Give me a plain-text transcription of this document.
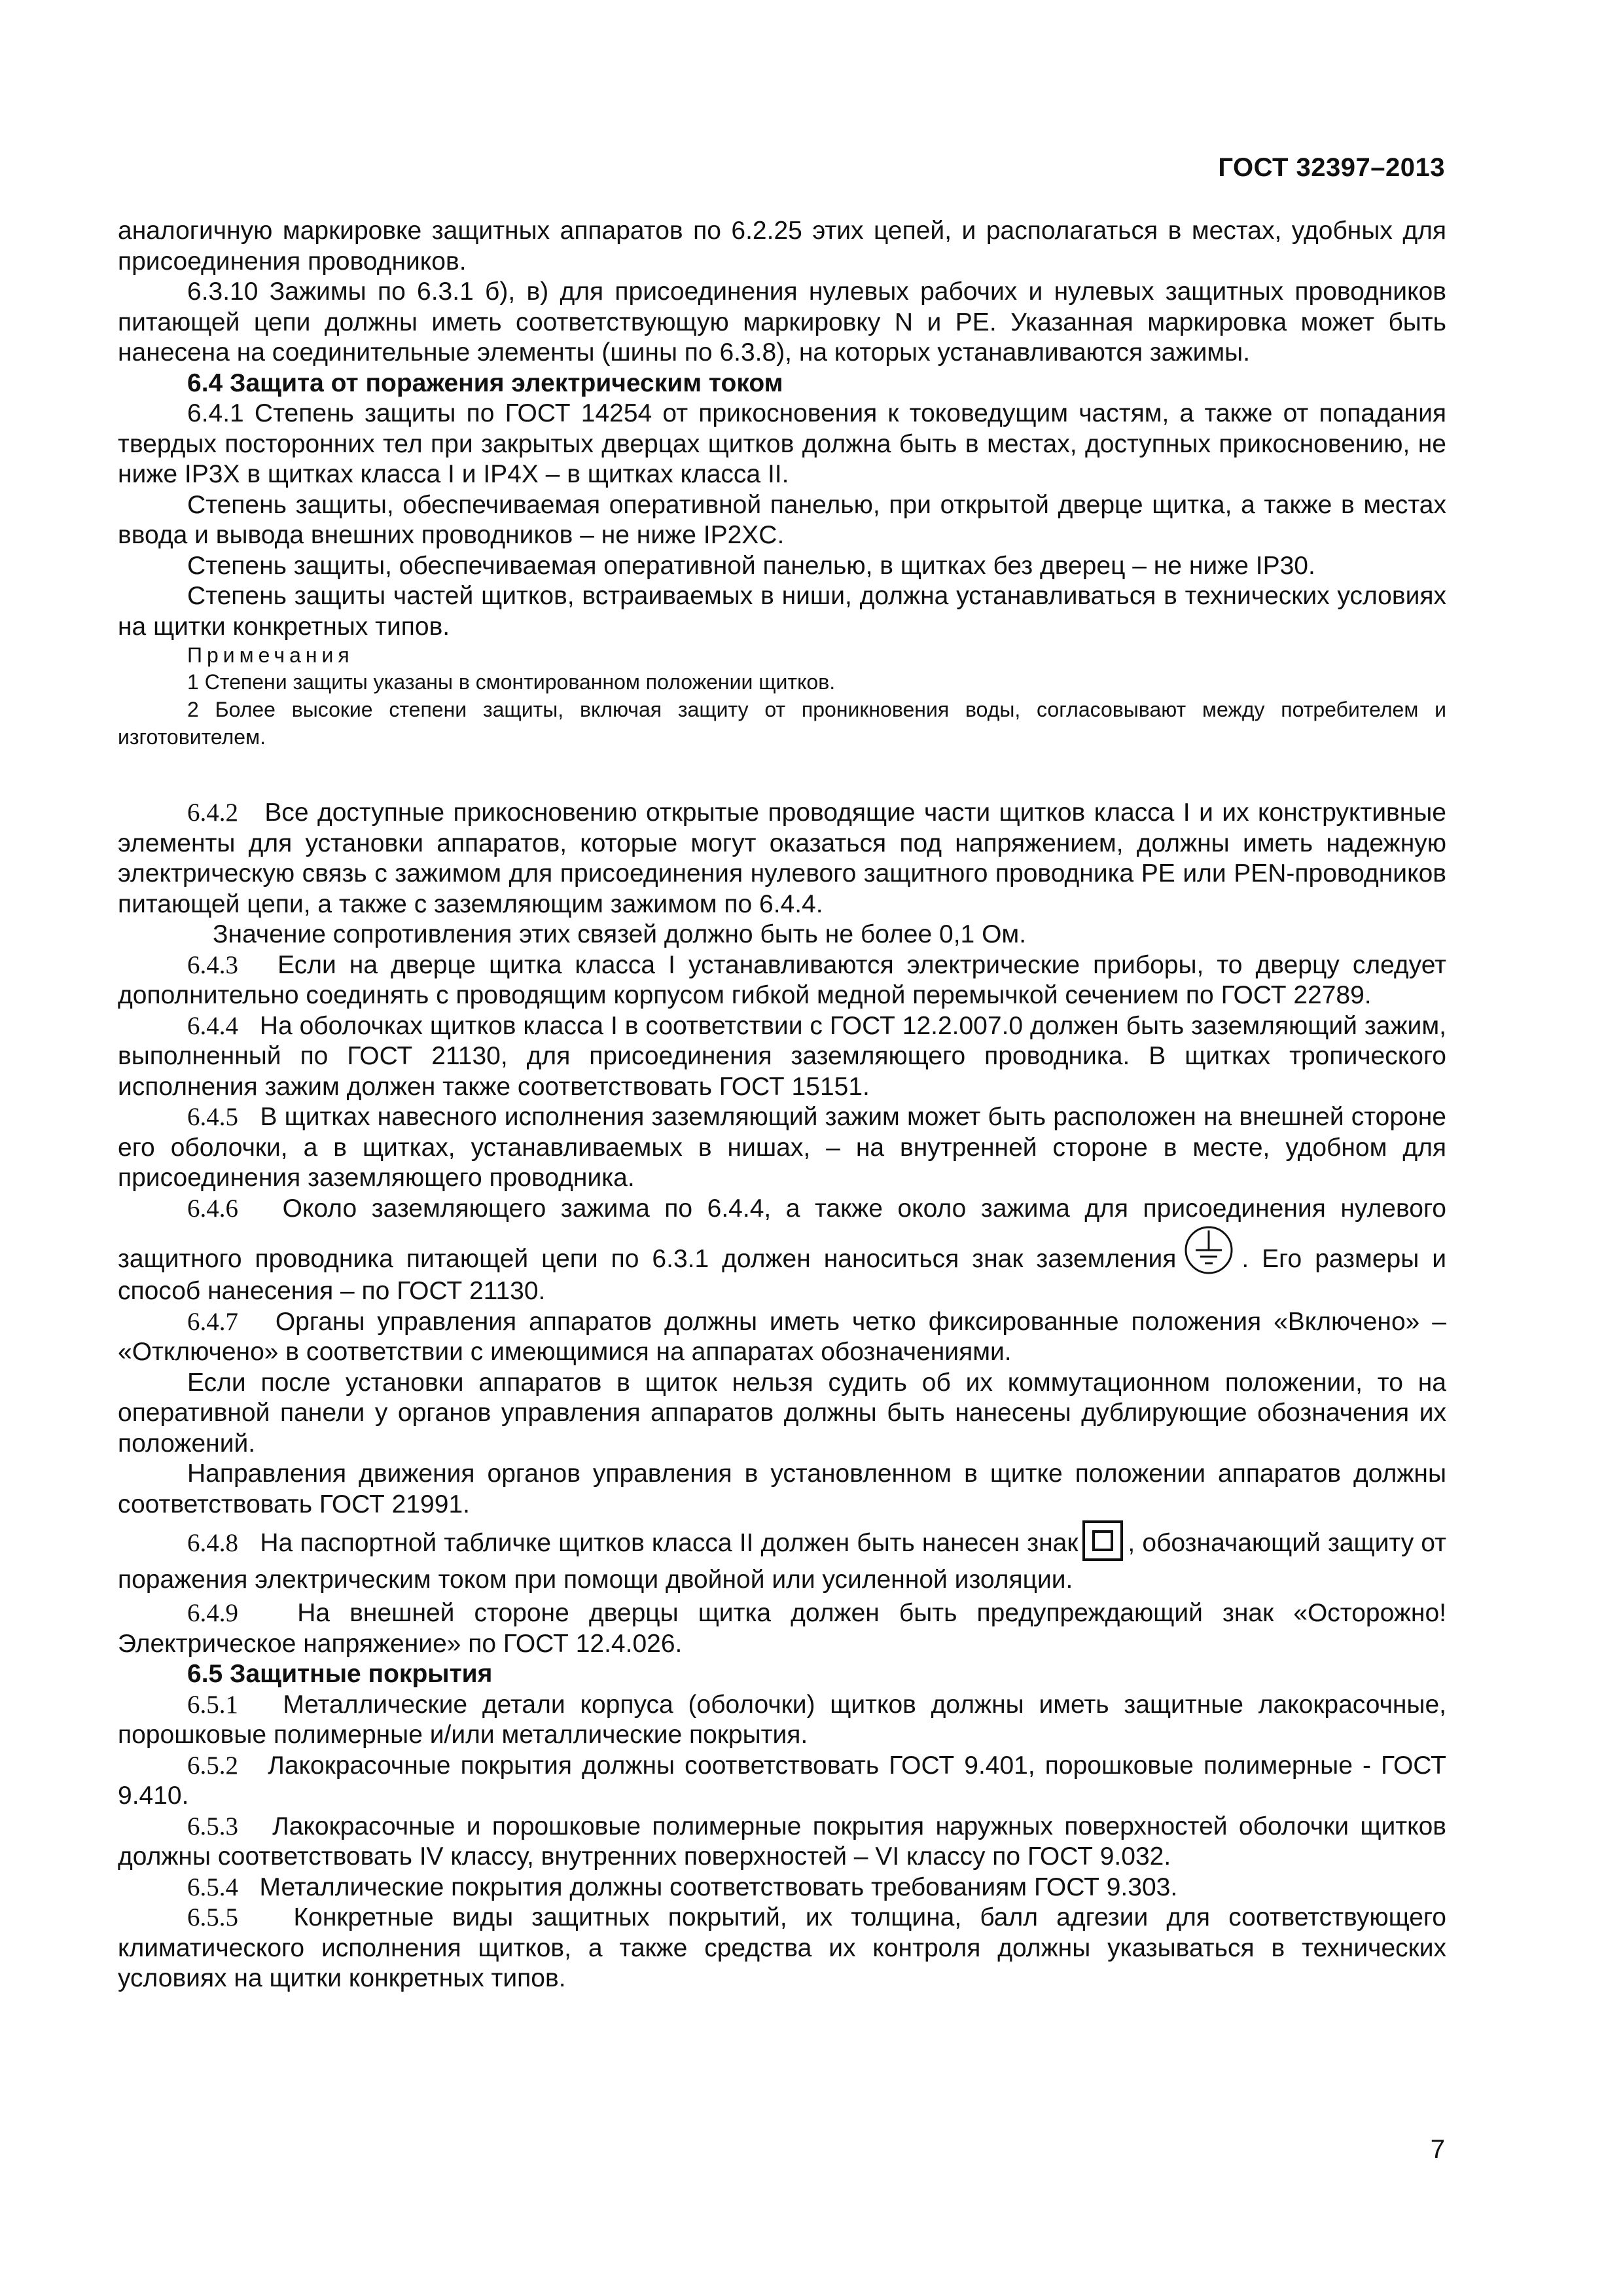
ГОСТ 32397–2013

аналогичную маркировке защитных аппаратов по 6.2.25 этих цепей, и располагаться в местах, удобных для присоединения проводников.

6.3.10 Зажимы по 6.3.1 б), в) для присоединения нулевых рабочих и нулевых защитных проводников питающей цепи должны иметь соответствующую маркировку N и PE. Указанная маркировка может быть нанесена на соединительные элементы (шины по 6.3.8), на которых устанавливаются зажимы.

6.4 Защита от поражения электрическим током

6.4.1 Степень защиты по ГОСТ 14254 от прикосновения к токоведущим частям, а также от попадания твердых посторонних тел при закрытых дверцах щитков должна быть в местах, доступных прикосновению, не ниже IP3X в щитках класса I и IP4X – в щитках класса II.

Степень защиты, обеспечиваемая оперативной панелью, при открытой дверце щитка, а также в местах ввода и вывода внешних проводников – не ниже IP2XC.

Степень защиты, обеспечиваемая оперативной панелью, в щитках без дверец – не ниже IP30.

Степень защиты частей щитков, встраиваемых в ниши, должна устанавливаться в технических условиях на щитки конкретных типов.

Примечания

1 Степени защиты указаны в смонтированном положении щитков.

2 Более высокие степени защиты, включая защиту от проникновения воды, согласовывают между потребителем и изготовителем.

6.4.2 Все доступные прикосновению открытые проводящие части щитков класса I и их конструктивные элементы для установки аппаратов, которые могут оказаться под напряжением, должны иметь надежную электрическую связь с зажимом для присоединения нулевого защитного проводника PE или PEN-проводников питающей цепи, а также с заземляющим зажимом по 6.4.4.

Значение сопротивления этих связей должно быть не более 0,1 Ом.

6.4.3 Если на дверце щитка класса I устанавливаются электрические приборы, то дверцу следует дополнительно соединять с проводящим корпусом гибкой медной перемычкой сечением по ГОСТ 22789.

6.4.4 На оболочках щитков класса I в соответствии с ГОСТ 12.2.007.0 должен быть заземляющий зажим, выполненный по ГОСТ 21130, для присоединения заземляющего проводника. В щитках тропического исполнения зажим должен также соответствовать ГОСТ 15151.

6.4.5 В щитках навесного исполнения заземляющий зажим может быть расположен на внешней стороне его оболочки, а в щитках, устанавливаемых в нишах, – на внутренней стороне в месте, удобном для присоединения заземляющего проводника.

6.4.6 Около заземляющего зажима по 6.4.4, а также около зажима для присоединения нулевого защитного проводника питающей цепи по 6.3.1 должен наноситься знак заземления	. Его размеры и способ нанесения – по ГОСТ 21130.

6.4.7 Органы управления аппаратов должны иметь четко фиксированные положения «Включено» – «Отключено» в соответствии с имеющимися на аппаратах обозначениями.

Если после установки аппаратов в щиток нельзя судить об их коммутационном положении, то на оперативной панели у органов управления аппаратов должны быть нанесены дублирующие обозначения их положений.

Направления движения органов управления в установленном в щитке положении аппаратов должны соответствовать ГОСТ 21991.

6.4.8 На паспортной табличке щитков класса II должен быть нанесен знак , обозначающий защиту от поражения электрическим током при помощи двойной или усиленной изоляции.

6.4.9 На внешней стороне дверцы щитка должен быть предупреждающий знак «Осторожно! Электрическое напряжение» по ГОСТ 12.4.026.

6.5 Защитные покрытия

6.5.1 Металлические детали корпуса (оболочки) щитков должны иметь защитные лакокрасочные, порошковые полимерные и/или металлические покрытия.

6.5.2 Лакокрасочные покрытия должны соответствовать ГОСТ 9.401, порошковые полимерные - ГОСТ 9.410.

6.5.3 Лакокрасочные и порошковые полимерные покрытия наружных поверхностей оболочки щитков должны соответствовать IV классу, внутренних поверхностей – VI классу по ГОСТ 9.032.

6.5.4 Металлические покрытия должны соответствовать требованиям ГОСТ 9.303.

6.5.5 Конкретные виды защитных покрытий, их толщина, балл адгезии для соответствующего климатического исполнения щитков, а также средства их контроля должны указываться в технических условиях на щитки конкретных типов.

7
